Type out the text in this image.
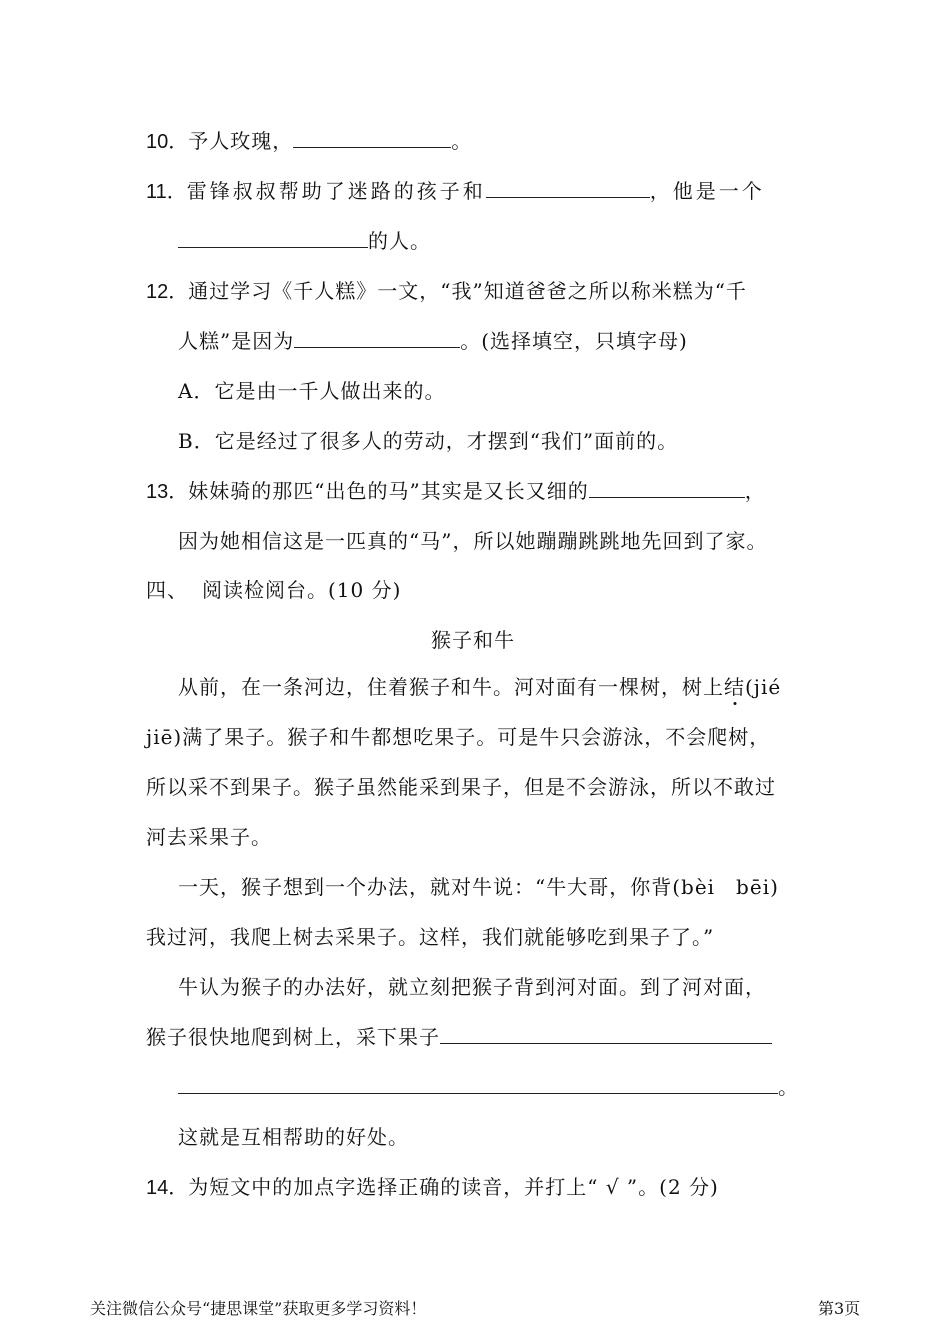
10．予人玫瑰，	。
11．雷锋叔叔帮助了迷路的孩子和	，他是一个
的人。
12．通过学习《千人糕》一文，“我”知道爸爸之所以称米糕为“千
人糕”是因为	。(选择填空，只填字母)
A．它是由一千人做出来的。
B．它是经过了很多人的劳动，才摆到“我们”面前的。
13．妹妹骑的那匹“出色的马”其实是又长又细的	，
因为她相信这是一匹真的“马”，所以她蹦蹦跳跳地先回到了家。
四、 阅读检阅台。(10 分)
猴子和牛
从前，在一条河边，住着猴子和牛。河对面有一棵树，树上结(jié
jiē)满了果子。猴子和牛都想吃果子。可是牛只会游泳，不会爬树，
所以采不到果子。猴子虽然能采到果子，但是不会游泳，所以不敢过
河去采果子。
一天，猴子想到一个办法，就对牛说：“牛大哥，你背(bèi　bēi)
我过河，我爬上树去采果子。这样，我们就能够吃到果子了。”
牛认为猴子的办法好，就立刻把猴子背到河对面。到了河对面，
猴子很快地爬到树上，采下果子
。
这就是互相帮助的好处。
14．为短文中的加点字选择正确的读音，并打上“ √ ”。(2 分)
关注微信公众号“捷思课堂”获取更多学习资料！	第3页
